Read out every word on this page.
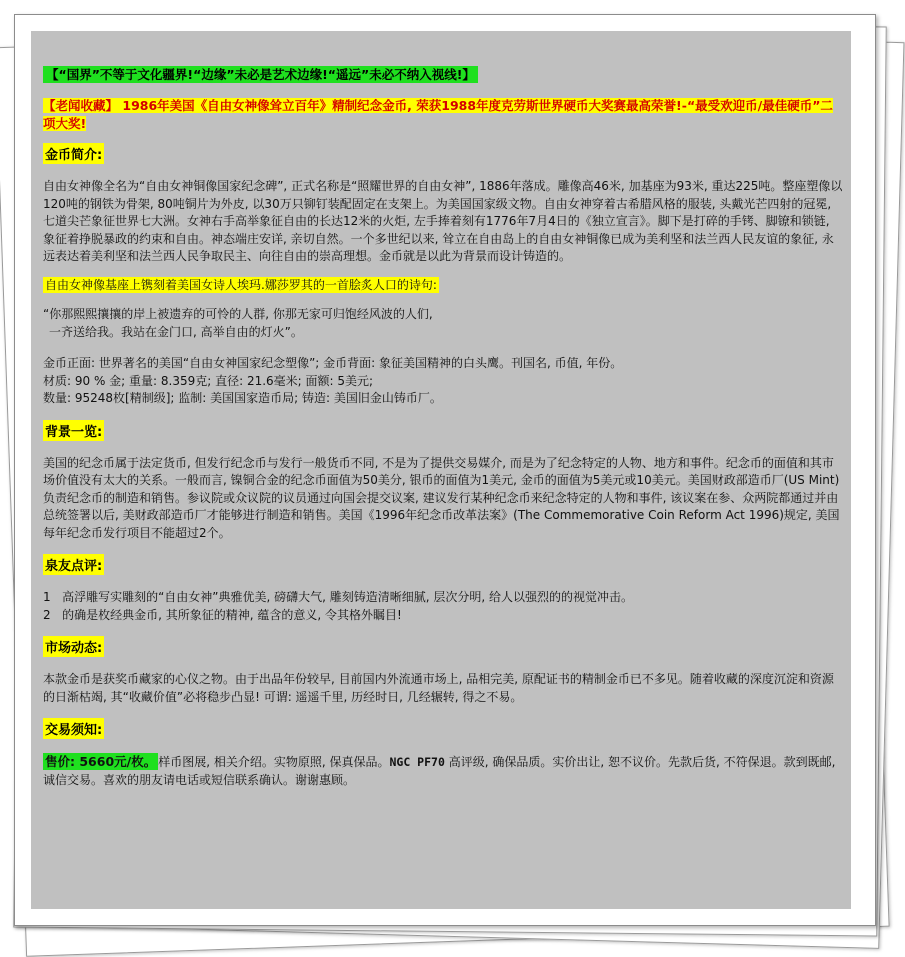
【“国界”不等于文化疆界!“边缘”未必是艺术边缘!“遥远”未必不纳入视线!】

【老闻收藏】 1986年美国《自由女神像耸立百年》精制纪念金币, 荣获1988年度克劳斯世界硬币大奖赛最高荣誉!-“最受欢迎币/最佳硬币”二项大奖!

金币简介:

自由女神像全名为“自由女神铜像国家纪念碑”, 正式名称是“照耀世界的自由女神”, 1886年落成。雕像高46米, 加基座为93米, 重达225吨。整座塑像以120吨的钢铁为骨架, 80吨铜片为外皮, 以30万只铆钉装配固定在支架上。为美国国家级文物。自由女神穿着古希腊风格的服装, 头戴光芒四射的冠冕, 七道尖芒象征世界七大洲。女神右手高举象征自由的长达12米的火炬, 左手捧着刻有1776年7月4日的《独立宣言》。脚下是打碎的手铐、脚镣和锁链, 象征着挣脱暴政的约束和自由。神态端庄安详, 亲切自然。一个多世纪以来, 耸立在自由岛上的自由女神铜像已成为美利坚和法兰西人民友谊的象征, 永远表达着美利坚和法兰西人民争取民主、向往自由的崇高理想。金币就是以此为背景而设计铸造的。

自由女神像基座上镌刻着美国女诗人埃玛.娜莎罗其的一首脍炙人口的诗句:

“你那熙熙攘攘的岸上被遗弃的可怜的人群, 你那无家可归饱经风波的人们,

一齐送给我。我站在金门口, 高举自由的灯火”。

金币正面: 世界著名的美国“自由女神国家纪念塑像”; 金币背面: 象征美国精神的白头鹰。刊国名, 币值, 年份。

材质: 90 % 金; 重量: 8.359克; 直径: 21.6毫米; 面额: 5美元;

数量: 95248枚[精制级]; 监制: 美国国家造币局; 铸造: 美国旧金山铸币厂。

背景一览:

美国的纪念币属于法定货币, 但发行纪念币与发行一般货币不同, 不是为了提供交易媒介, 而是为了纪念特定的人物、地方和事件。纪念币的面值和其市场价值没有太大的关系。一般而言, 镍铜合金的纪念币面值为50美分, 银币的面值为1美元, 金币的面值为5美元或10美元。美国财政部造币厂(US Mint)负责纪念币的制造和销售。参议院或众议院的议员通过向国会提交议案, 建议发行某种纪念币来纪念特定的人物和事件, 该议案在参、众两院都通过并由总统签署以后, 美财政部造币厂才能够进行制造和销售。美国《1996年纪念币改革法案》(The Commemorative Coin Reform Act 1996)规定, 美国每年纪念币发行项目不能超过2个。

泉友点评:

1 高浮雕写实雕刻的“自由女神”典雅优美, 磅礴大气, 雕刻铸造清晰细腻, 层次分明, 给人以强烈的的视觉冲击。

2 的确是枚经典金币, 其所象征的精神, 蕴含的意义, 令其格外瞩目!

市场动态:

本款金币是获奖币藏家的心仪之物。由于出品年份较早, 目前国内外流通市场上, 品相完美, 原配证书的精制金币已不多见。随着收藏的深度沉淀和资源的日渐枯竭, 其“收藏价值”必将稳步凸显! 可谓: 遥遥千里, 历经时日, 几经辗转, 得之不易。

交易须知:

售价: 5660元/枚。 样币图展, 相关介绍。实物原照, 保真保品。NGC PF70 高评级, 确保品质。实价出让, 恕不议价。先款后货, 不符保退。款到既邮, 诚信交易。喜欢的朋友请电话或短信联系确认。谢谢惠顾。
